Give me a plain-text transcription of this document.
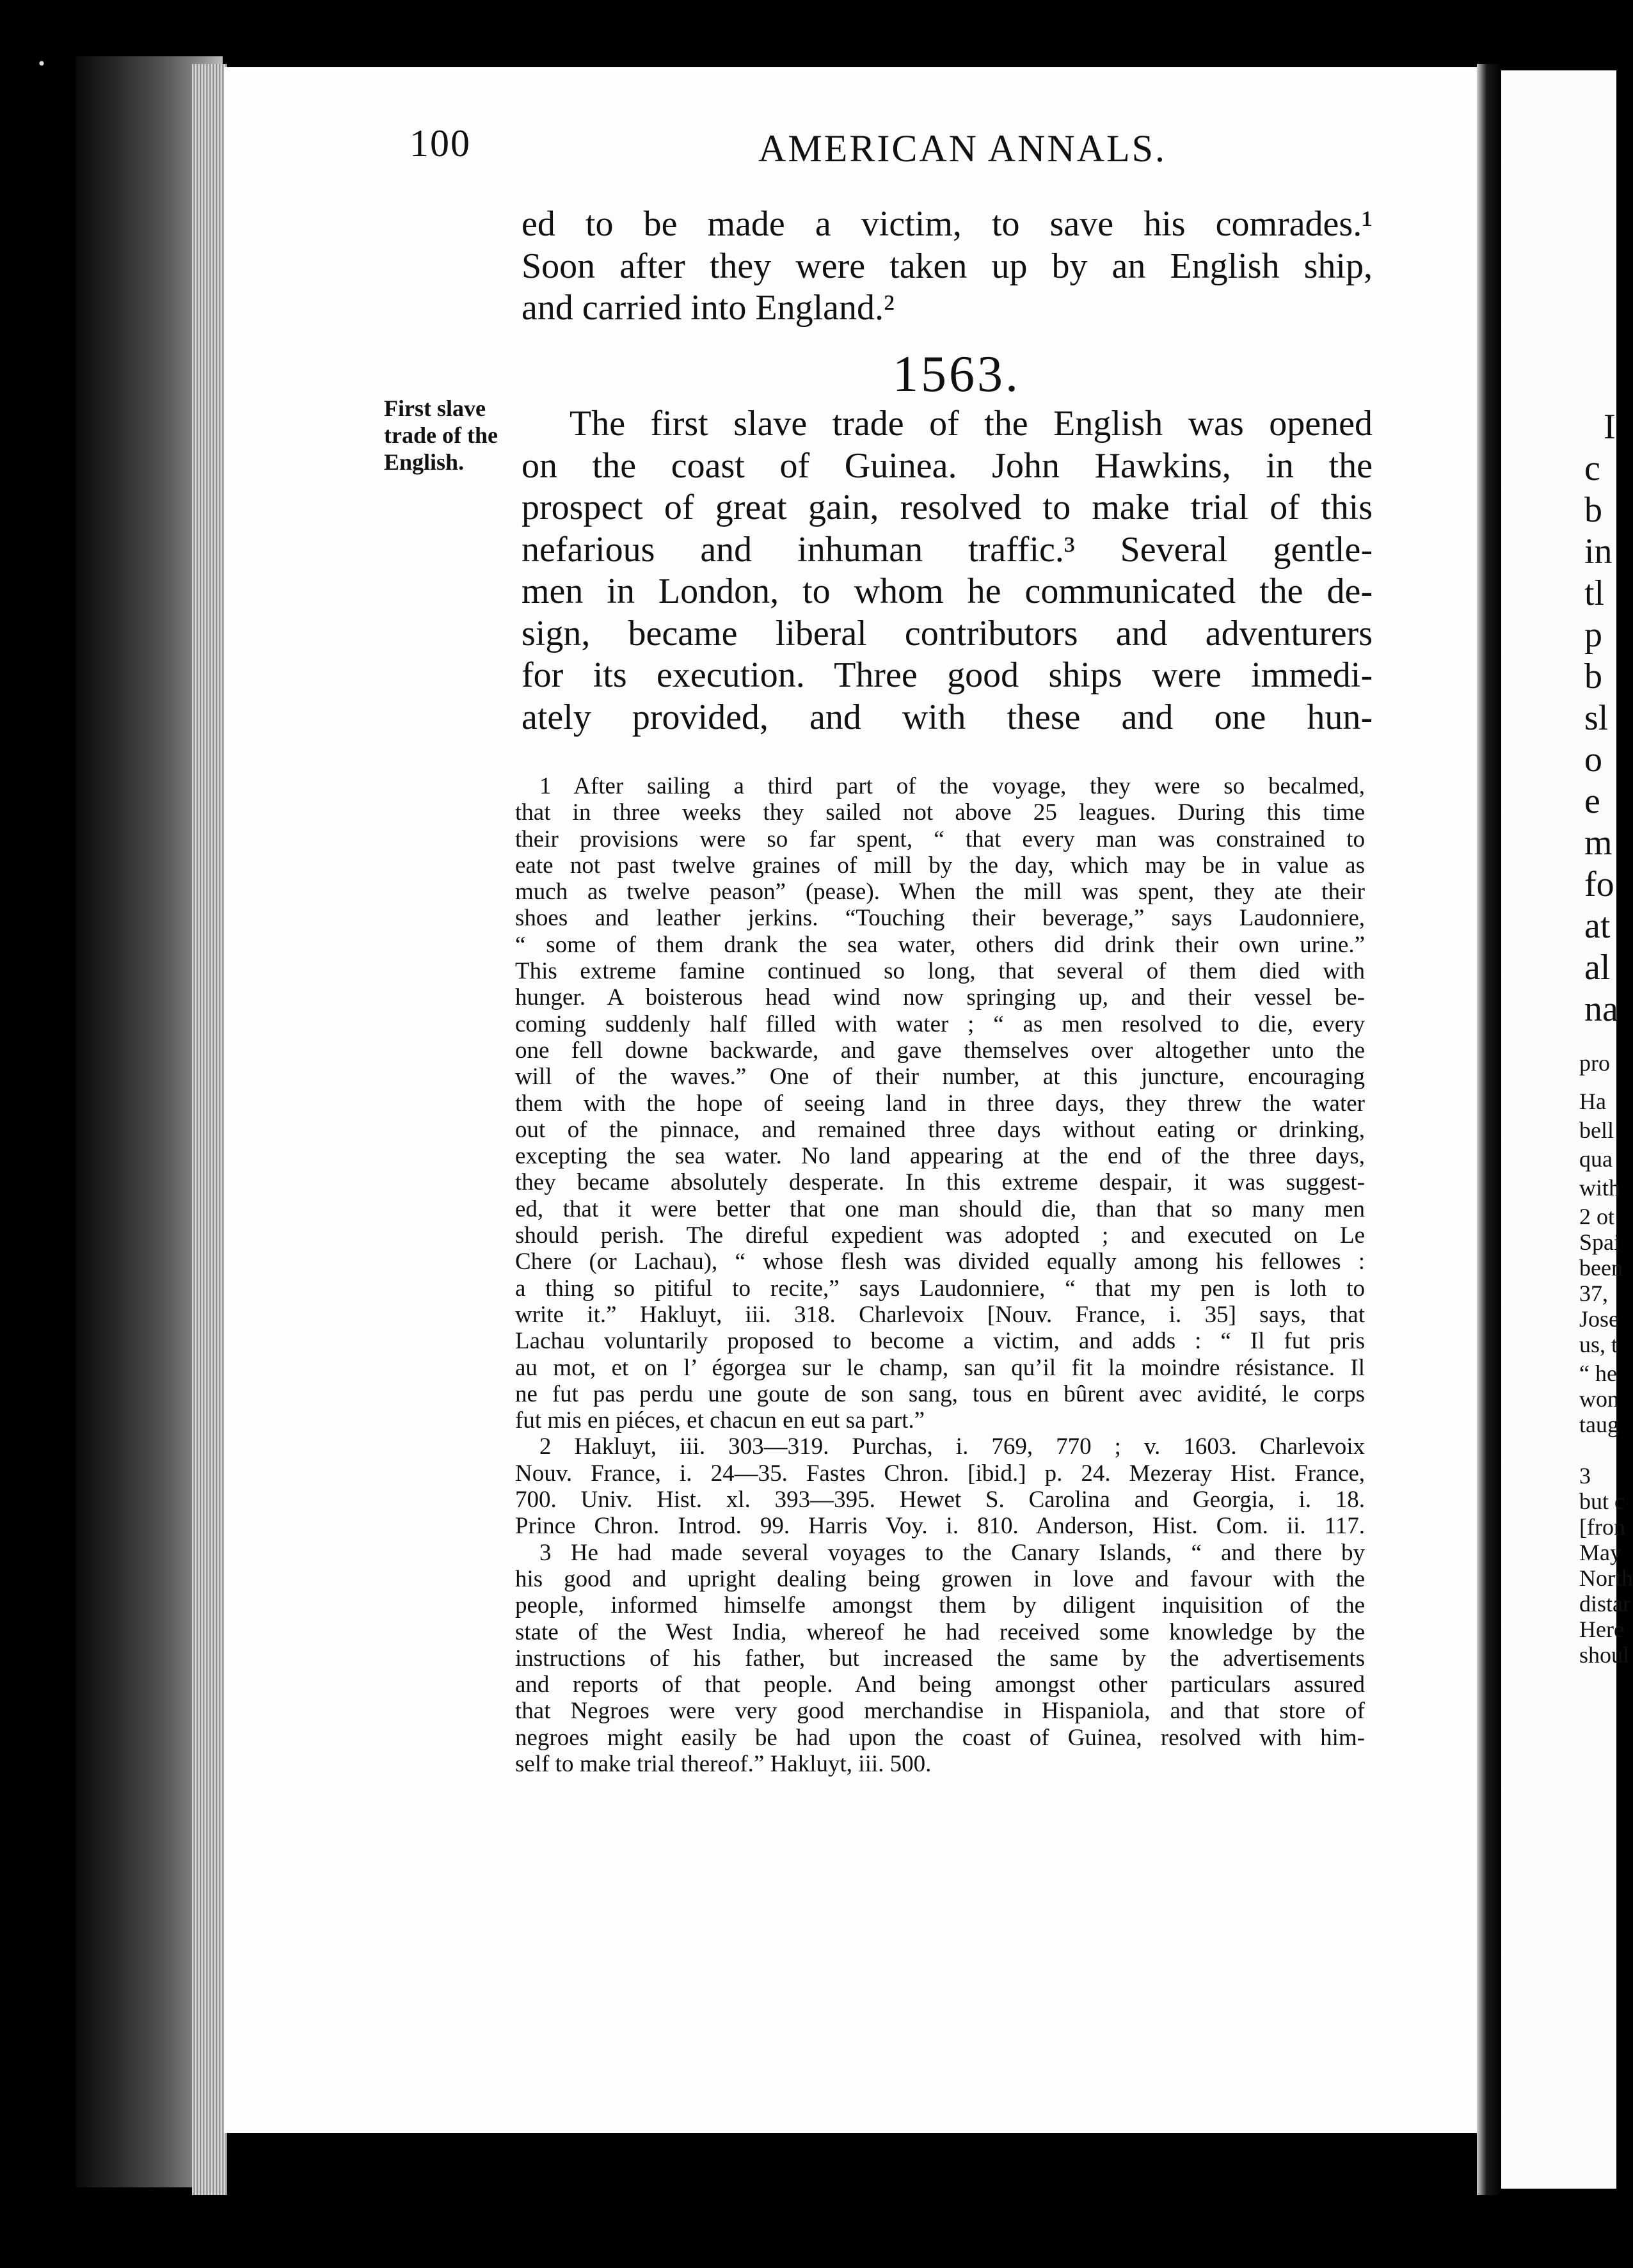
·
I
c
b
in
tl
p
b
sl
o
e
m
fo
at
al
na
pro
Ha
bell
qua
with
2 ot
Spai
been
37,
Jose
us, t
“ he
won
taug
3
but c
[fron
May
North
distar
Here
shoul
100	AMERICAN ANNALS.
ed to be made a victim, to save his comrades.¹
Soon after they were taken up by an English ship,
and carried into England.²
1563.
First slave
trade of the
English.
The first slave trade of the English was opened
on the coast of Guinea. John Hawkins, in the
prospect of great gain, resolved to make trial of this
nefarious and inhuman traffic.³ Several gentle-
men in London, to whom he communicated the de-
sign, became liberal contributors and adventurers
for its execution. Three good ships were immedi-
ately provided, and with these and one hun-
1 After sailing a third part of the voyage, they were so becalmed,
that in three weeks they sailed not above 25 leagues. During this time
their provisions were so far spent, “ that every man was constrained to
eate not past twelve graines of mill by the day, which may be in value as
much as twelve peason” (pease). When the mill was spent, they ate their
shoes and leather jerkins. “Touching their beverage,” says Laudonniere,
“ some of them drank the sea water, others did drink their own urine.”
This extreme famine continued so long, that several of them died with
hunger. A boisterous head wind now springing up, and their vessel be-
coming suddenly half filled with water ; “ as men resolved to die, every
one fell downe backwarde, and gave themselves over altogether unto the
will of the waves.” One of their number, at this juncture, encouraging
them with the hope of seeing land in three days, they threw the water
out of the pinnace, and remained three days without eating or drinking,
excepting the sea water. No land appearing at the end of the three days,
they became absolutely desperate. In this extreme despair, it was suggest-
ed, that it were better that one man should die, than that so many men
should perish. The direful expedient was adopted ; and executed on Le
Chere (or Lachau), “ whose flesh was divided equally among his fellowes :
a thing so pitiful to recite,” says Laudonniere, “ that my pen is loth to
write it.” Hakluyt, iii. 318. Charlevoix [Nouv. France, i. 35] says, that
Lachau voluntarily proposed to become a victim, and adds : “ Il fut pris
au mot, et on l’ égorgea sur le champ, san qu’il fit la moindre résistance. Il
ne fut pas perdu une goute de son sang, tous en bûrent avec avidité, le corps
fut mis en piéces, et chacun en eut sa part.”
2 Hakluyt, iii. 303—319. Purchas, i. 769, 770 ; v. 1603. Charlevoix
Nouv. France, i. 24—35. Fastes Chron. [ibid.] p. 24. Mezeray Hist. France,
700. Univ. Hist. xl. 393—395. Hewet S. Carolina and Georgia, i. 18.
Prince Chron. Introd. 99. Harris Voy. i. 810. Anderson, Hist. Com. ii. 117.
3 He had made several voyages to the Canary Islands, “ and there by
his good and upright dealing being growen in love and favour with the
people, informed himselfe amongst them by diligent inquisition of the
state of the West India, whereof he had received some knowledge by the
instructions of his father, but increased the same by the advertisements
and reports of that people. And being amongst other particulars assured
that Negroes were very good merchandise in Hispaniola, and that store of
negroes might easily be had upon the coast of Guinea, resolved with him-
self to make trial thereof.” Hakluyt, iii. 500.
